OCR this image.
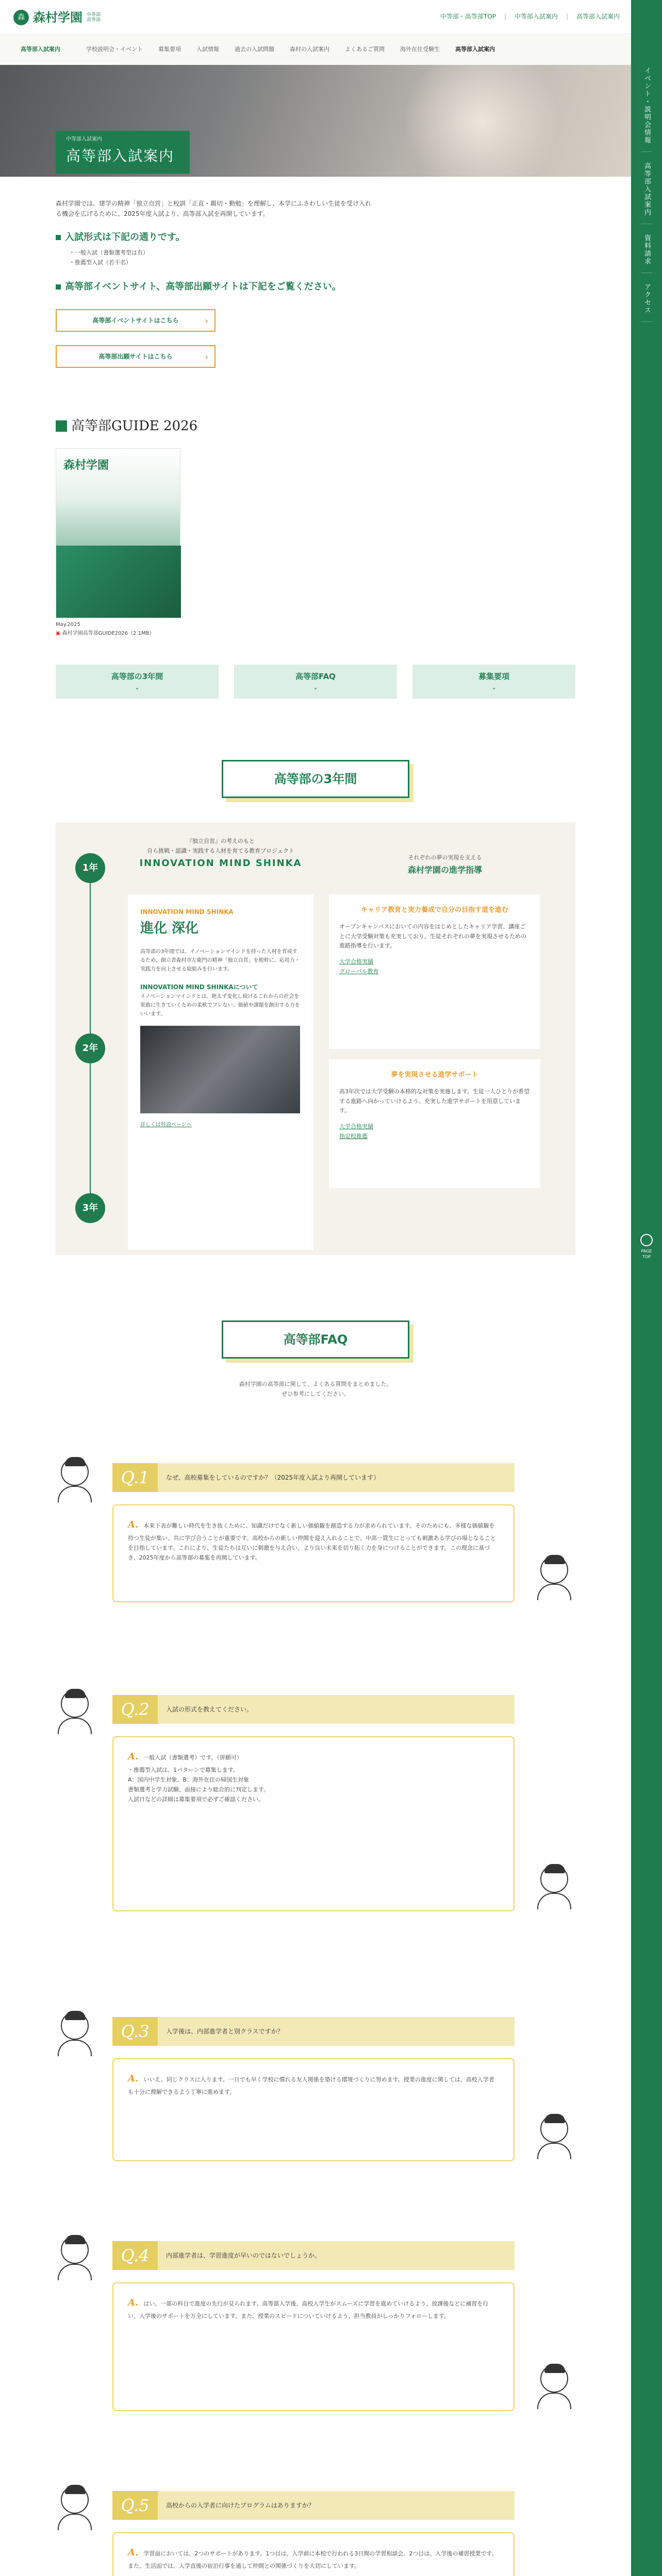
イベント・説明会情報
高等部入試案内
資料請求
アクセス
PAGE TOP
森 森村学園 中等部
高等部
中等部・高等部TOP | 中等部入試案内 | 高等部入試案内
高等部入試案内	学校説明会・イベント	募集要項	入試情報	過去の入試問題	森村の入試案内	よくあるご質問	海外在住受験生	高等部入試案内
中等部入試案内
高等部入試案内

森村学園では、建学の精神「独立自営」と校訓「正直・親切・勤勉」を理解し、本学にふさわしい生徒を受け入れる機会を広げるために、2025年度入試より、高等部入試を再開しています。

入試形式は下記の通りです。
・一般入試（書類選考型は有）
・推薦型入試（若干名）
高等部イベントサイト、高等部出願サイトは下記をご覧ください。
高等部イベントサイトはこちら ›
高等部出願サイトはこちら ›
高等部GUIDE 2026
森村学園
May.2025
▣ 森村学園高等部GUIDE2026（2.1MB）
高等部の3年間
⌄
高等部FAQ
⌄
募集要項
⌄
高等部の3年間
1年
2年
3年
『独立自営』の考えのもと
自ら挑戦・認識・実践する人材を育てる教育プロジェクト
INNOVATION MIND SHINKA
INNOVATION MIND SHINKA
進化 深化

高等部の3年間では、イノベーションマインドを持った人材を育成するため、創立者森村市左衛門の精神「独立自営」を根幹に、応用力・実践力を向上させる取組みを行います。

INNOVATION MIND SHINKAについて

イノベーションマインドとは、絶えず変化し続けるこれからの社会を果敢に生きていくための柔軟でブレない、価値や課題を創出する力をいいます。

詳しくは特設ページへ
それぞれの夢の実現を支える
森村学園の進学指導
キャリア教育と実力養成で自分の目指す道を進む

オープンキャンパスにおいての内容をはじめとしたキャリア学習、講座ごとに大学受験対策も充実しており、生徒それぞれの夢を実現させるための進路指導を行います。

大学合格実績
グローバル教育
夢を実現させる進学サポート

高3年次では大学受験の本格的な対策を実施します。生徒一人ひとりが希望する進路へ向かっていけるよう、充実した進学サポートを用意しています。

大学合格実績
指定校推薦
高等部FAQ
森村学園の高等部に関して、よくある質問をまとめました。
ぜひ参考にしてください。
Q.1	なぜ、高校募集をしているのですか？（2025年度入試より再開しています）
A. 本来下表が難しい時代を生き抜くために、知識だけでなく新しい価値観を創造する力が求められています。そのためにも、多様な価値観を持つ生徒が集い、共に学び合うことが重要です。高校からの新しい仲間を迎え入れることで、中高一貫生にとっても刺激ある学びの場となることを目指しています。これにより、生徒たちは互いに刺激を与え合い、より良い未来を切り拓く力を身につけることができます。この理念に基づき、2025年度から高等部の募集を再開しています。
Q.2	入試の形式を教えてください。
A. 一般入試（書類選考）です。（併願可）
・推薦型入試は、1パターンで募集します。
A：国内中学生対象、B：海外在住の帰国生対象
書類選考と学力試験、面接により総合的に判定します。
入試日などの詳細は募集要項で必ずご確認ください。
Q.3	入学後は、内部進学者と別クラスですか？
A. いいえ。同じクラスに入ります。一日でも早く学校に慣れる友人関係を築ける環境づくりに努めます。授業の進度に関しては、高校入学者も十分に理解できるよう丁寧に進めます。
Q.4	内部進学者は、学習進度が早いのではないでしょうか。
A. はい。一部の科目で進度の先行が見られます。高等部入学後、高校入学生がスムーズに学習を進めていけるよう、放課後などに補習を行い、入学後のサポートを万全にしています。また、授業のスピードについていけるよう、担当教員がしっかりフォローします。
Q.5	高校からの入学者に向けたプログラムはありますか？
A. 学習面においては、2つのサポートがあります。1つ目は、入学前に本校で行われる3日間の学習相談会。2つ目は、入学後の補習授業です。また、生活面では、入学直後の宿泊行事を通して仲間との関係づくりを大切にしています。
